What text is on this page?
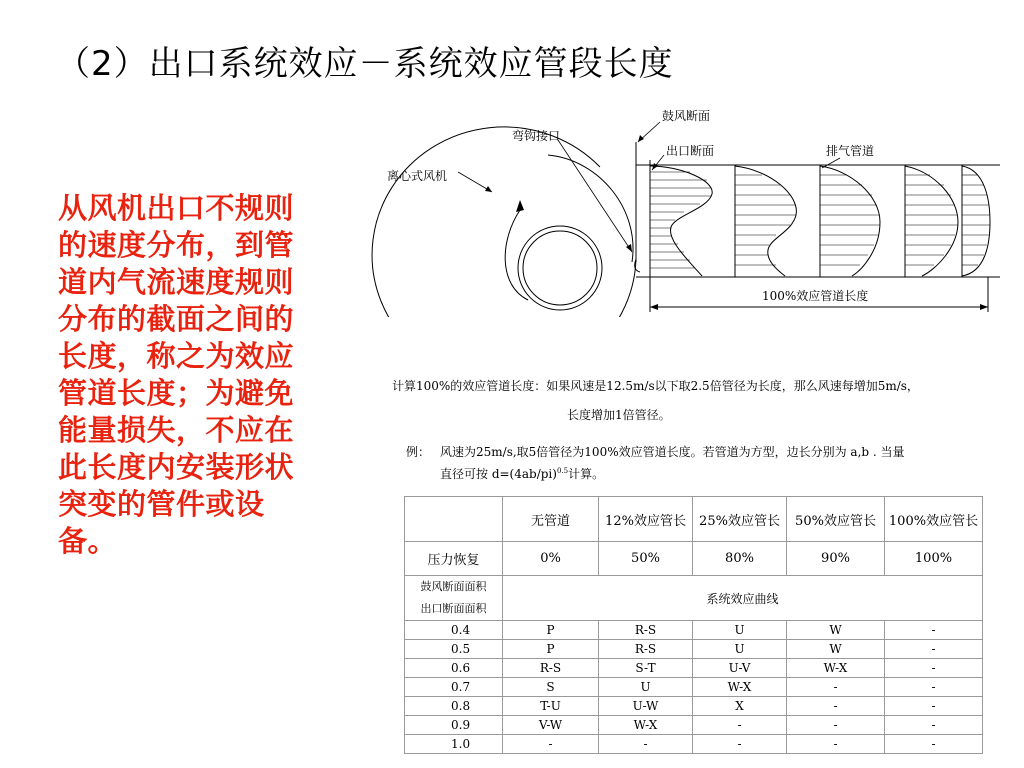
（2）出口系统效应－系统效应管段长度
从风机出口不规则的速度分布，到管道内气流速度规则分布的截面之间的长度，称之为效应管道长度；为避免能量损失，不应在此长度内安装形状突变的管件或设备。
鼓风断面
弯钩接口
出口断面	排气管道
离心式风机
100%效应管道长度
计算100%的效应管道长度：如果风速是12.5m/s以下取2.5倍管径为长度，那么风速每增加5m/s，
长度增加1倍管径。
例： 风速为25m/s,取5倍管径为100%效应管道长度。若管道为方型，边长分别为 a,b . 当量
直径可按 $d=(4ab/pi)^{0.5}$计算。
	无管道	12%效应管长	25%效应管长	50%效应管长	100%效应管长
压力恢复	0%	50%	80%	90%	100%

鼓风断面面积
出口断面面积	系统效应曲线				
0.4	P	R-S	U	W	-
0.5	P	R-S	U	W	-
0.6	R-S	S-T	U-V	W-X	-
0.7	S	U	W-X	-	-
0.8	T-U	U-W	X	-	-
0.9	V-W	W-X	-	-	-
1.0	-	-	-	-	-
